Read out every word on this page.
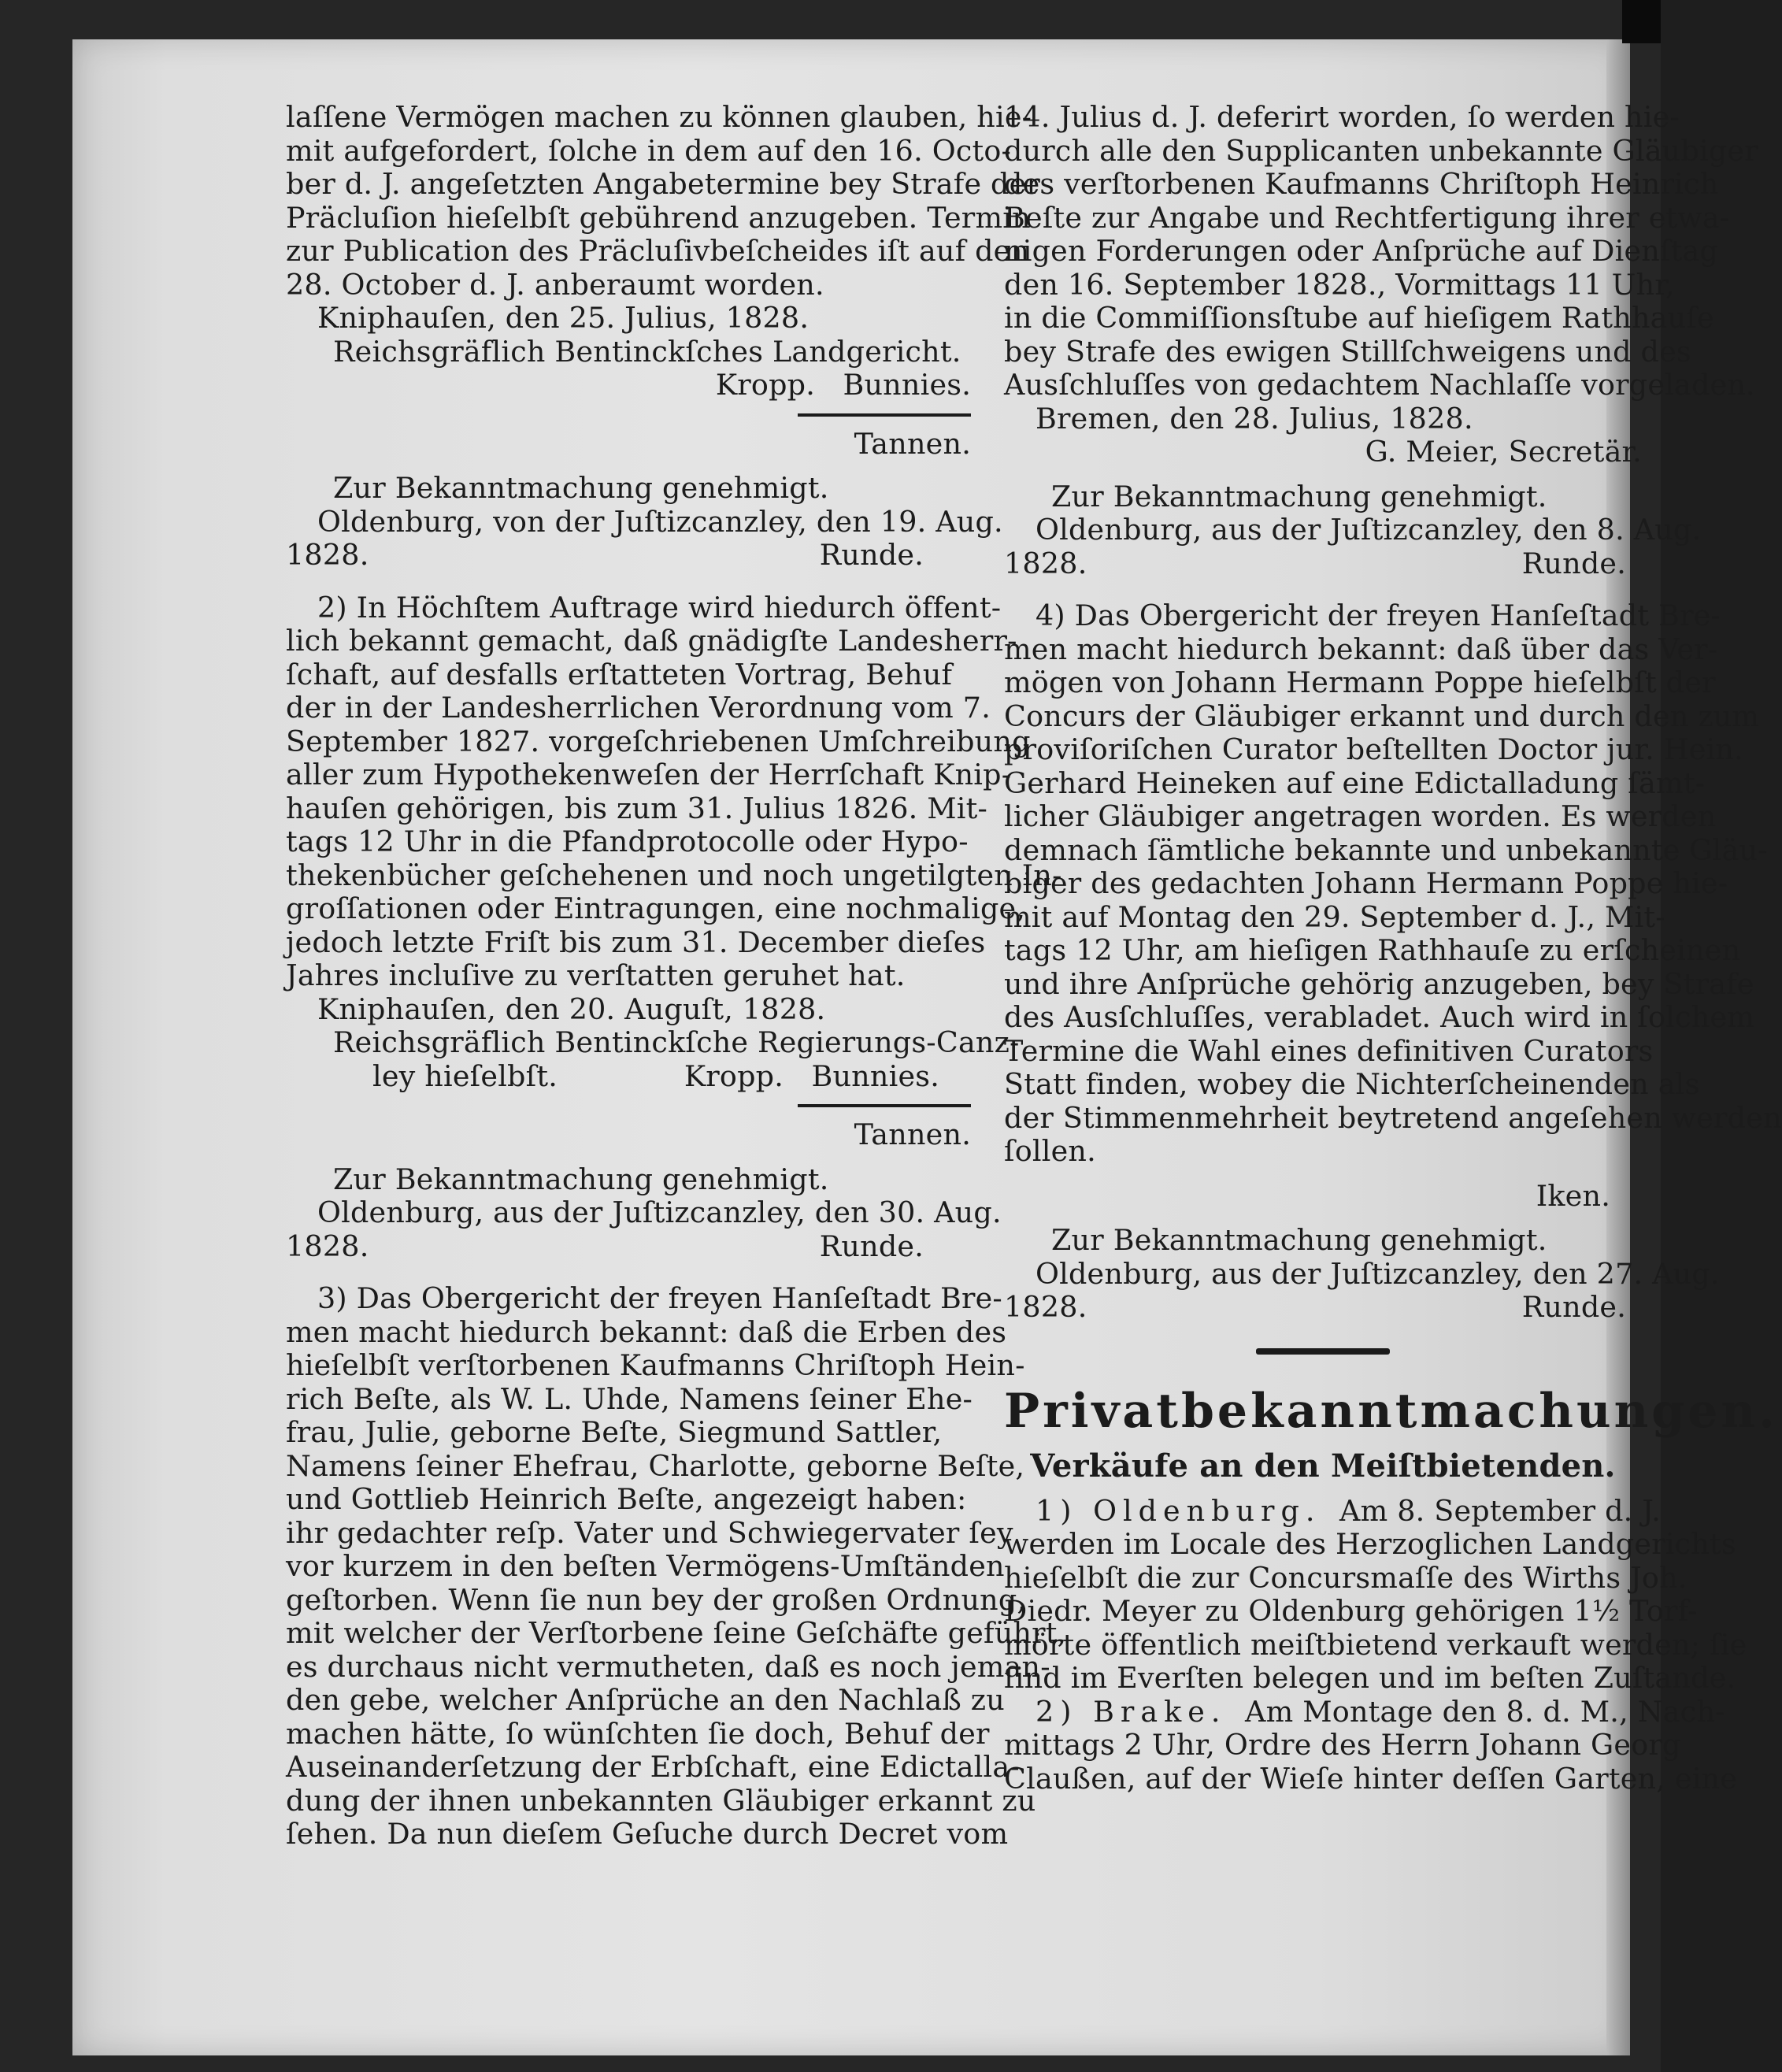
laſſene Vermögen machen zu können glauben, hie-
mit aufgefordert, ſolche in dem auf den 16. Octo-
ber d. J. angeſetzten Angabetermine bey Strafe der
Präcluſion hieſelbſt gebührend anzugeben. Termin
zur Publication des Präcluſivbeſcheides iſt auf den
28. October d. J. anberaumt worden.
Kniphauſen, den 25. Julius, 1828.
Reichsgräflich Bentinckſches Landgericht.
Kropp.   Bunnies.
Tannen.
Zur Bekanntmachung genehmigt.
Oldenburg, von der Juſtizcanzley, den 19. Aug.
1828.	Runde.
2) In Höchſtem Auftrage wird hiedurch öffent-
lich bekannt gemacht, daß gnädigſte Landesherr-
ſchaft, auf desfalls erſtatteten Vortrag, Behuf
der in der Landesherrlichen Verordnung vom 7.
September 1827. vorgeſchriebenen Umſchreibung
aller zum Hypothekenweſen der Herrſchaft Knip-
hauſen gehörigen, bis zum 31. Julius 1826. Mit-
tags 12 Uhr in die Pfandprotocolle oder Hypo-
thekenbücher geſchehenen und noch ungetilgten In-
groſſationen oder Eintragungen, eine nochmalige,
jedoch letzte Friſt bis zum 31. December dieſes
Jahres incluſive zu verſtatten geruhet hat.
Kniphauſen, den 20. Auguſt, 1828.
Reichsgräflich Bentinckſche Regierungs-Canz-
ley hieſelbſt.	Kropp.   Bunnies.
Tannen.
Zur Bekanntmachung genehmigt.
Oldenburg, aus der Juſtizcanzley, den 30. Aug.
1828.	Runde.
3) Das Obergericht der freyen Hanſeſtadt Bre-
men macht hiedurch bekannt: daß die Erben des
hieſelbſt verſtorbenen Kaufmanns Chriſtoph Hein-
rich Beſte, als W. L. Uhde, Namens ſeiner Ehe-
frau, Julie, geborne Beſte, Siegmund Sattler,
Namens ſeiner Ehefrau, Charlotte, geborne Beſte,
und Gottlieb Heinrich Beſte, angezeigt haben:
ihr gedachter reſp. Vater und Schwiegervater ſey
vor kurzem in den beſten Vermögens-Umſtänden
geſtorben. Wenn ſie nun bey der großen Ordnung,
mit welcher der Verſtorbene ſeine Geſchäfte geführt,
es durchaus nicht vermutheten, daß es noch jeman-
den gebe, welcher Anſprüche an den Nachlaß zu
machen hätte, ſo wünſchten ſie doch, Behuf der
Auseinanderſetzung der Erbſchaft, eine Edictalla-
dung der ihnen unbekannten Gläubiger erkannt zu
ſehen. Da nun dieſem Geſuche durch Decret vom
14. Julius d. J. deferirt worden, ſo werden hie-
durch alle den Supplicanten unbekannte Gläubiger
des verſtorbenen Kaufmanns Chriſtoph Heinrich
Beſte zur Angabe und Rechtfertigung ihrer etwa-
nigen Forderungen oder Anſprüche auf Dienſtag
den 16. September 1828., Vormittags 11 Uhr,
in die Commiſſionsſtube auf hieſigem Rathhauſe
bey Strafe des ewigen Stillſchweigens und des
Ausſchluſſes von gedachtem Nachlaſſe vorgeladen.
Bremen, den 28. Julius, 1828.
G. Meier, Secretär.
Zur Bekanntmachung genehmigt.
Oldenburg, aus der Juſtizcanzley, den 8. Aug.
1828.	Runde.
4) Das Obergericht der freyen Hanſeſtadt Bre-
men macht hiedurch bekannt: daß über das Ver-
mögen von Johann Hermann Poppe hieſelbſt der
Concurs der Gläubiger erkannt und durch den zum
proviſoriſchen Curator beſtellten Doctor jur. Hein.
Gerhard Heineken auf eine Edictalladung ſämt-
licher Gläubiger angetragen worden. Es werden
demnach ſämtliche bekannte und unbekannte Gläu-
biger des gedachten Johann Hermann Poppe hie-
mit auf Montag den 29. September d. J., Mit-
tags 12 Uhr, am hieſigen Rathhauſe zu erſcheinen
und ihre Anſprüche gehörig anzugeben, bey Strafe
des Ausſchluſſes, verabladet. Auch wird in ſolchem
Termine die Wahl eines definitiven Curators
Statt finden, wobey die Nichterſcheinenden als
der Stimmenmehrheit beytretend angeſehen werden
ſollen.
Iken.
Zur Bekanntmachung genehmigt.
Oldenburg, aus der Juſtizcanzley, den 27. Aug.
1828.	Runde.
Privatbekanntmachungen.
Verkäufe an den Meiſtbietenden.
1) Oldenburg. Am 8. September d. J.
werden im Locale des Herzoglichen Landgerichts
hieſelbſt die zur Concursmaſſe des Wirths Joh.
Diedr. Meyer zu Oldenburg gehörigen 1½ Torf-
mörte öffentlich meiſtbietend verkauft werden; ſie
ſind im Everſten belegen und im beſten Zuſtande.
2) Brake. Am Montage den 8. d. M., Nach-
mittags 2 Uhr, Ordre des Herrn Johann Georg
Claußen, auf der Wieſe hinter deſſen Garten, eine
